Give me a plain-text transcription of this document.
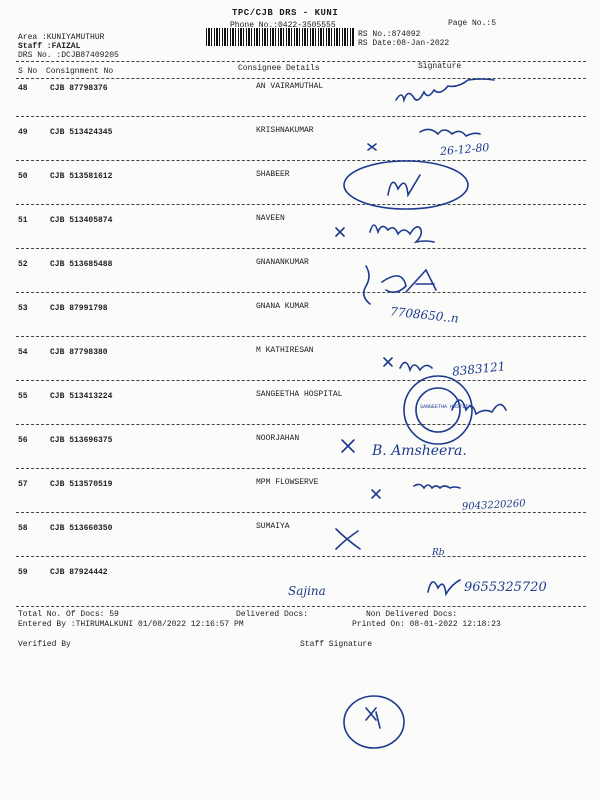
TPC/CJB DRS - KUNI
Phone No.:0422-3505555	Page No.:5
Area :KUNIYAMUTHUR
Staff :FAIZAL
DRS No. :DCJB87409205
RS No.:874092
RS Date:08-Jan-2022
S No Consignment No	Consignee Details	Signature
48	CJB 87798376	AN VAIRAMUTHAL
49	CJB 513424345	KRISHNAKUMAR
50	CJB 513581612	SHABEER
51	CJB 513405874	NAVEEN
52	CJB 513685488	GNANANKUMAR
53	CJB 87991798	GNANA KUMAR
54	CJB 87798380	M KATHIRESAN
55	CJB 513413224	SANGEETHA HOSPITAL
56	CJB 513696375	NOORJAHAN
57	CJB 513570519	MPM FLOWSERVE
58	CJB 513660350	SUMAIYA
59	CJB 87924442
26-12-80
7708650..n
8383121
SANGEETHA HOSPITAL
B. Amsheera.
9043220260
Rb
Sajina	9655325720
Total No. Of Docs: 59	Delivered Docs:	Non Delivered Docs:
Entered By :THIRUMALKUNI 01/08/2022 12:16:57 PM	Printed On: 08-01-2022 12:18:23
Verified By	Staff Signature
